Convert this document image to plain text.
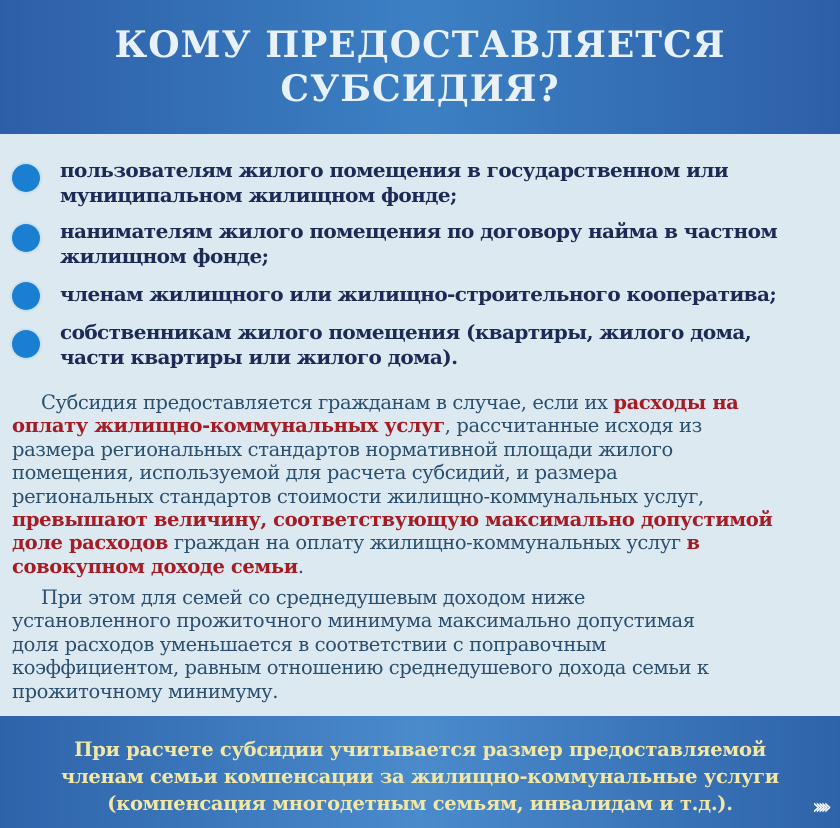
КОМУ ПРЕДОСТАВЛЯЕТСЯ
СУБСИДИЯ?
пользователям жилого помещения в государственном или
муниципальном жилищном фонде;
нанимателям жилого помещения по договору найма в частном
жилищном фонде;
членам жилищного или жилищно-строительного кооператива;
собственникам жилого помещения (квартиры, жилого дома,
части квартиры или жилого дома).
Субсидия предоставляется гражданам в случае, если их расходы на
оплату жилищно-коммунальных услуг, рассчитанные исходя из
размера региональных стандартов нормативной площади жилого
помещения, используемой для расчета субсидий, и размера
региональных стандартов стоимости жилищно-коммунальных услуг,
превышают величину, соответствующую максимально допустимой
доле расходов граждан на оплату жилищно-коммунальных услуг в
совокупном доходе семьи.
При этом для семей со среднедушевым доходом ниже
установленного прожиточного минимума максимально допустимая
доля расходов уменьшается в соответствии с поправочным
коэффициентом, равным отношению среднедушевого дохода семьи к
прожиточному минимуму.
При расчете субсидии учитывается размер предоставляемой
членам семьи компенсации за жилищно-коммунальные услуги
(компенсация многодетным семьям, инвалидам и т.д.).	›››››
